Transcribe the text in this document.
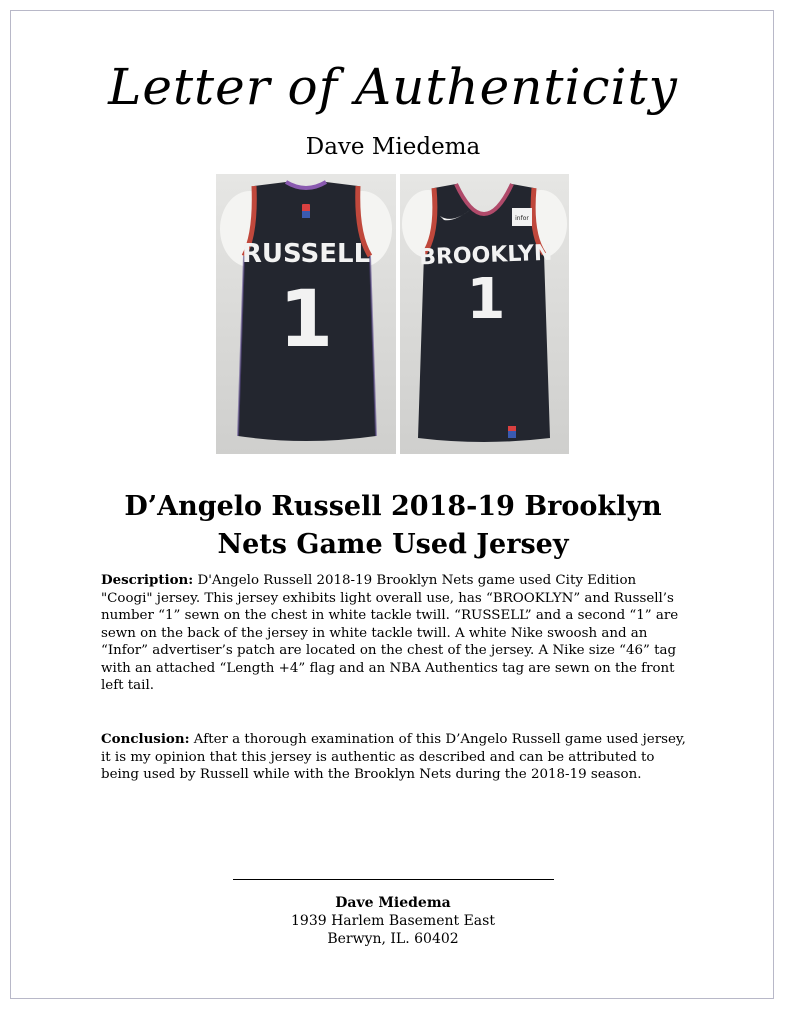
Letter of Authenticity
Dave Miedema
RUSSELL
1
infor
BROOKLYN
1
D’Angelo Russell 2018-19 Brooklyn
Nets Game Used Jersey

Description: D'Angelo Russell 2018-19 Brooklyn Nets game used City Edition "Coogi" jersey. This jersey exhibits light overall use, has “BROOKLYN” and Russell’s number “1” sewn on the chest in white tackle twill. “RUSSELL” and a second “1” are sewn on the back of the jersey in white tackle twill. A white Nike swoosh and an “Infor” advertiser’s patch are located on the chest of the jersey. A Nike size “46” tag with an attached “Length +4” flag and an NBA Authentics tag are sewn on the front left tail.

Conclusion: After a thorough examination of this D’Angelo Russell game used jersey, it is my opinion that this jersey is authentic as described and can be attributed to being used by Russell while with the Brooklyn Nets during the 2018-19 season.

Dave Miedema
1939 Harlem Basement East
Berwyn, IL. 60402
